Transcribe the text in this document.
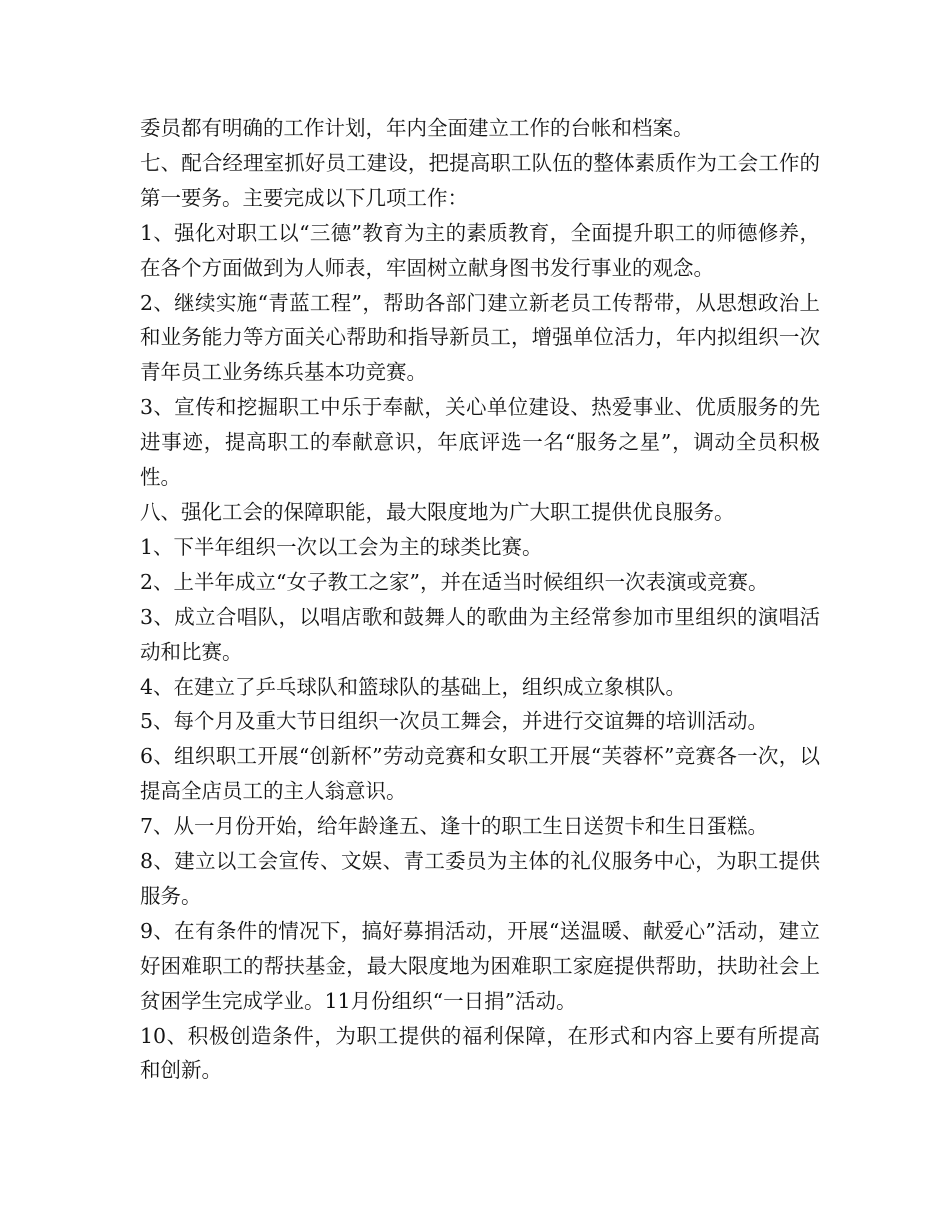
委员都有明确的工作计划，年内全面建立工作的台帐和档案。

七、配合经理室抓好员工建设，把提高职工队伍的整体素质作为工会工作的第一要务。主要完成以下几项工作：

1、强化对职工以“三德”教育为主的素质教育，全面提升职工的师德修养，在各个方面做到为人师表，牢固树立献身图书发行事业的观念。

2、继续实施“青蓝工程”，帮助各部门建立新老员工传帮带，从思想政治上和业务能力等方面关心帮助和指导新员工，增强单位活力，年内拟组织一次青年员工业务练兵基本功竞赛。

3、宣传和挖掘职工中乐于奉献，关心单位建设、热爱事业、优质服务的先进事迹，提高职工的奉献意识，年底评选一名“服务之星”，调动全员积极性。

八、强化工会的保障职能，最大限度地为广大职工提供优良服务。

1、下半年组织一次以工会为主的球类比赛。

2、上半年成立“女子教工之家”，并在适当时候组织一次表演或竞赛。

3、成立合唱队，以唱店歌和鼓舞人的歌曲为主经常参加市里组织的演唱活动和比赛。

4、在建立了乒乓球队和篮球队的基础上，组织成立象棋队。

5、每个月及重大节日组织一次员工舞会，并进行交谊舞的培训活动。

6、组织职工开展“创新杯”劳动竞赛和女职工开展“芙蓉杯”竞赛各一次，以提高全店员工的主人翁意识。

7、从一月份开始，给年龄逢五、逢十的职工生日送贺卡和生日蛋糕。

8、建立以工会宣传、文娱、青工委员为主体的礼仪服务中心，为职工提供服务。

9、在有条件的情况下，搞好募捐活动，开展“送温暖、献爱心”活动，建立好困难职工的帮扶基金，最大限度地为困难职工家庭提供帮助，扶助社会上贫困学生完成学业。11月份组织“一日捐”活动。

10、积极创造条件，为职工提供的福利保障，在形式和内容上要有所提高和创新。
